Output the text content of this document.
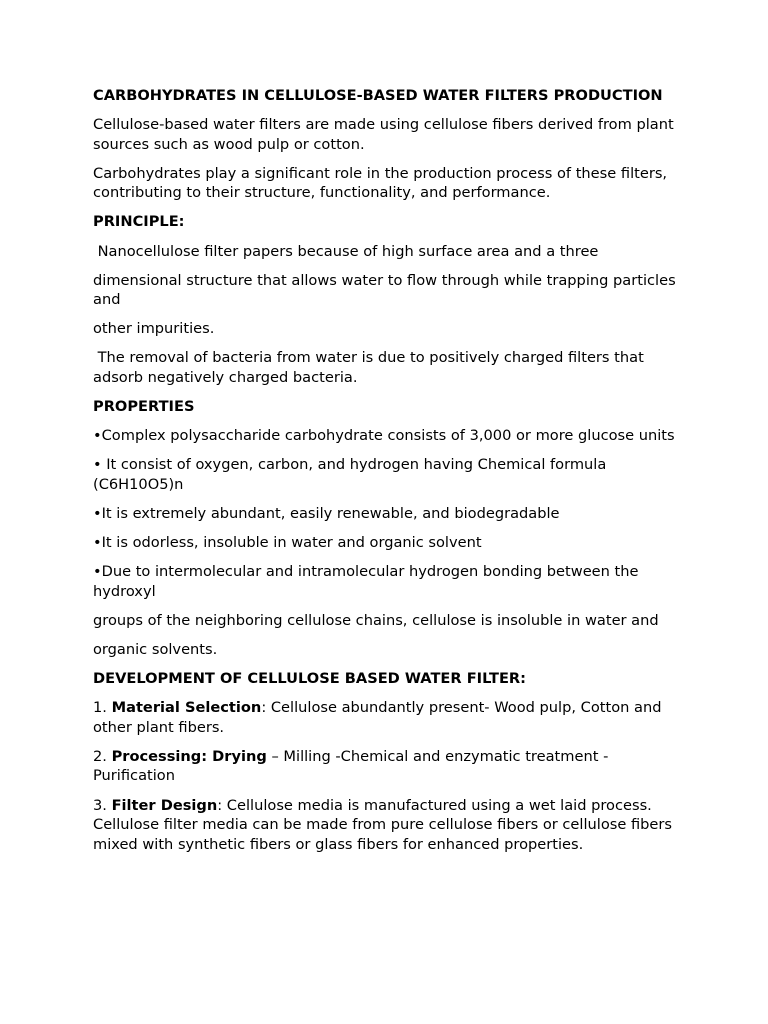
CARBOHYDRATES IN CELLULOSE-BASED WATER FILTERS PRODUCTION

Cellulose-based water filters are made using cellulose fibers derived from plant sources such as wood pulp or cotton.

Carbohydrates play a significant role in the production process of these filters, contributing to their structure, functionality, and performance.

PRINCIPLE:

Nanocellulose filter papers because of high surface area and a three

dimensional structure that allows water to flow through while trapping particles and

other impurities.

The removal of bacteria from water is due to positively charged filters that adsorb negatively charged bacteria.

PROPERTIES

•Complex polysaccharide carbohydrate consists of 3,000 or more glucose units

• It consist of oxygen, carbon, and hydrogen having Chemical formula (C6H10O5)n

•It is extremely abundant, easily renewable, and biodegradable

•It is odorless, insoluble in water and organic solvent

•Due to intermolecular and intramolecular hydrogen bonding between the hydroxyl

groups of the neighboring cellulose chains, cellulose is insoluble in water and

organic solvents.

DEVELOPMENT OF CELLULOSE BASED WATER FILTER:

1. Material Selection: Cellulose abundantly present- Wood pulp, Cotton and other plant fibers.

2. Processing: Drying – Milling -Chemical and enzymatic treatment -Purification

3. Filter Design: Cellulose media is manufactured using a wet laid process. Cellulose filter media can be made from pure cellulose fibers or cellulose fibers mixed with synthetic fibers or glass fibers for enhanced properties.
